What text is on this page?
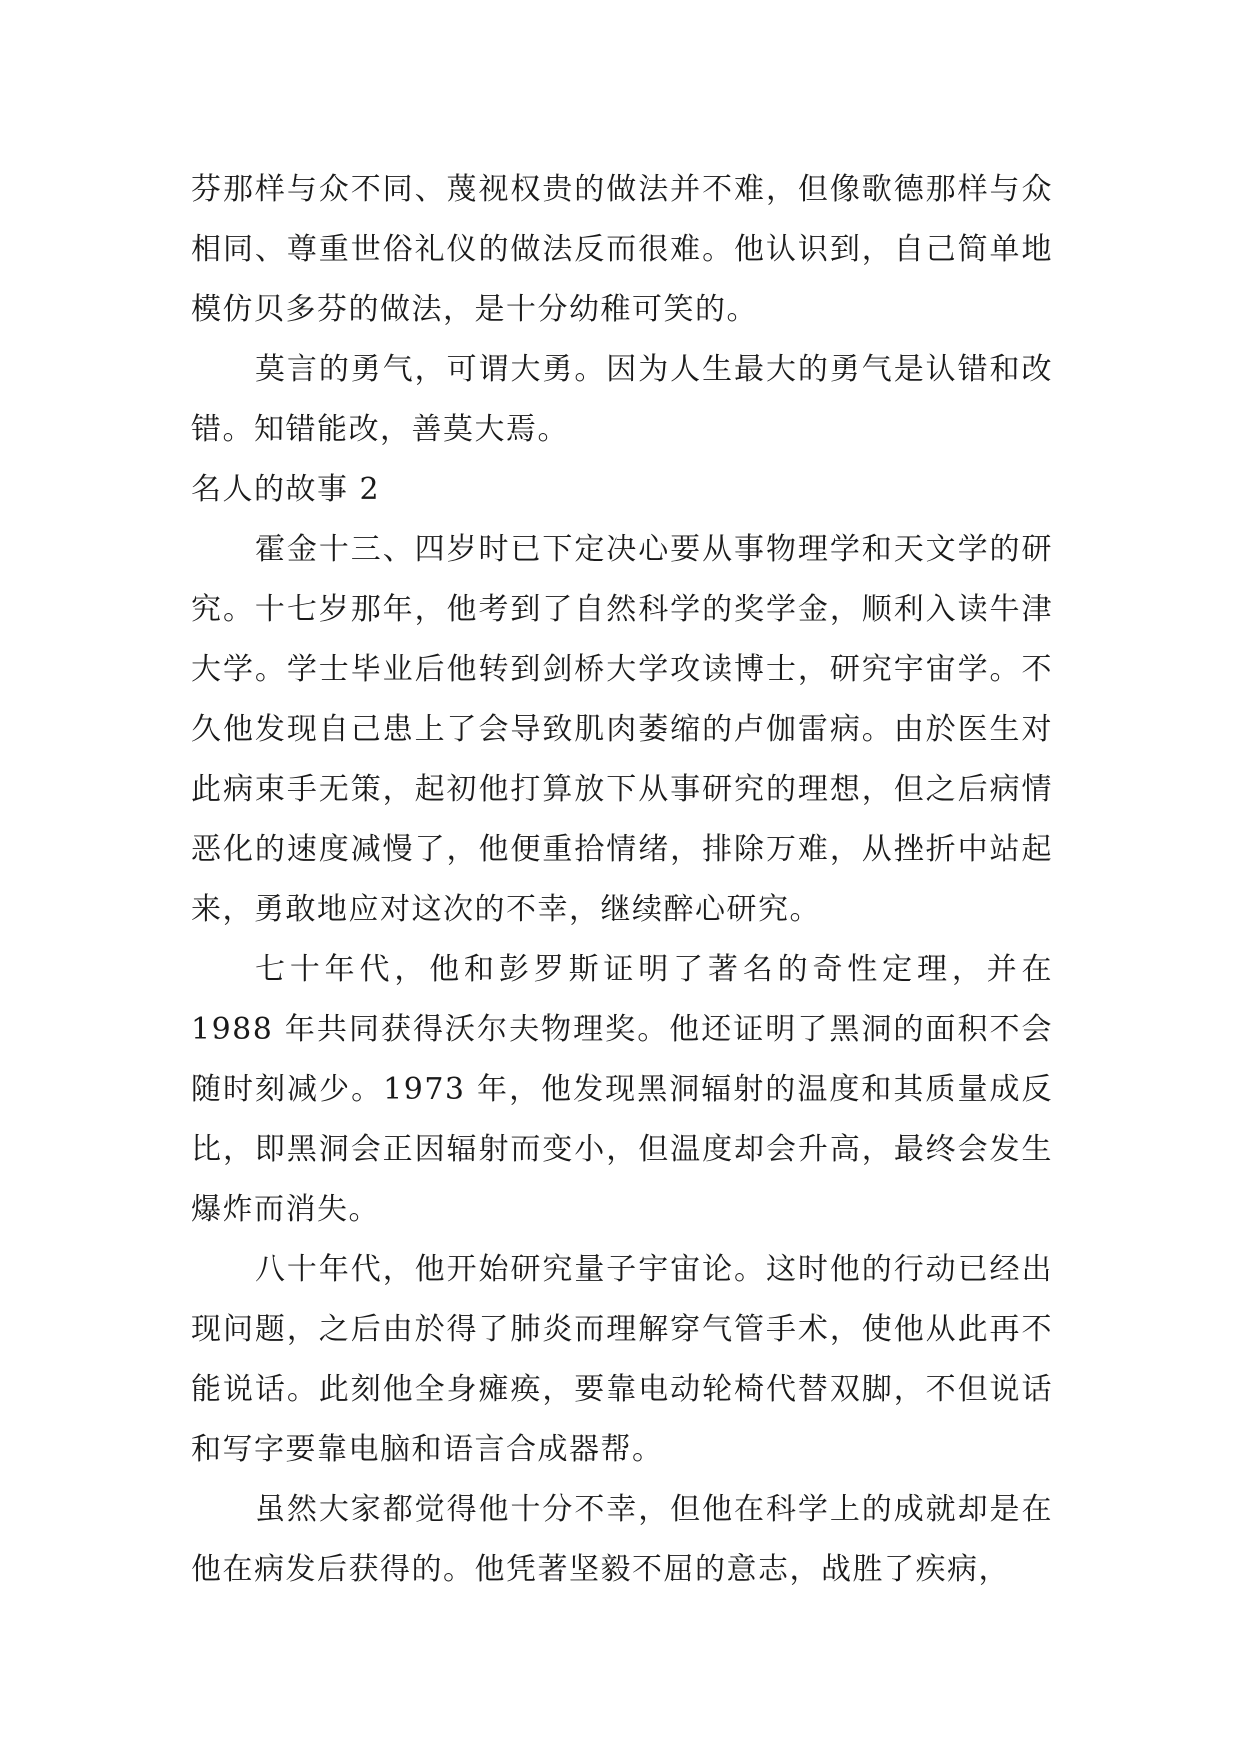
芬那样与众不同、蔑视权贵的做法并不难，但像歌德那样与众相同、尊重世俗礼仪的做法反而很难。他认识到，自己简单地模仿贝多芬的做法，是十分幼稚可笑的。

莫言的勇气，可谓大勇。因为人生最大的勇气是认错和改错。知错能改，善莫大焉。

名人的故事 2

霍金十三、四岁时已下定决心要从事物理学和天文学的研究。十七岁那年，他考到了自然科学的奖学金，顺利入读牛津大学。学士毕业后他转到剑桥大学攻读博士，研究宇宙学。不久他发现自己患上了会导致肌肉萎缩的卢伽雷病。由於医生对此病束手无策，起初他打算放下从事研究的理想，但之后病情恶化的速度减慢了，他便重拾情绪，排除万难，从挫折中站起来，勇敢地应对这次的不幸，继续醉心研究。

七十年代，他和彭罗斯证明了著名的奇性定理，并在 1988 年共同获得沃尔夫物理奖。他还证明了黑洞的面积不会随时刻减少。1973 年，他发现黑洞辐射的温度和其质量成反比，即黑洞会正因辐射而变小，但温度却会升高，最终会发生爆炸而消失。

八十年代，他开始研究量子宇宙论。这时他的行动已经出现问题，之后由於得了肺炎而理解穿气管手术，使他从此再不能说话。此刻他全身瘫痪，要靠电动轮椅代替双脚，不但说话和写字要靠电脑和语言合成器帮。

虽然大家都觉得他十分不幸，但他在科学上的成就却是在他在病发后获得的。他凭著坚毅不屈的意志，战胜了疾病，
